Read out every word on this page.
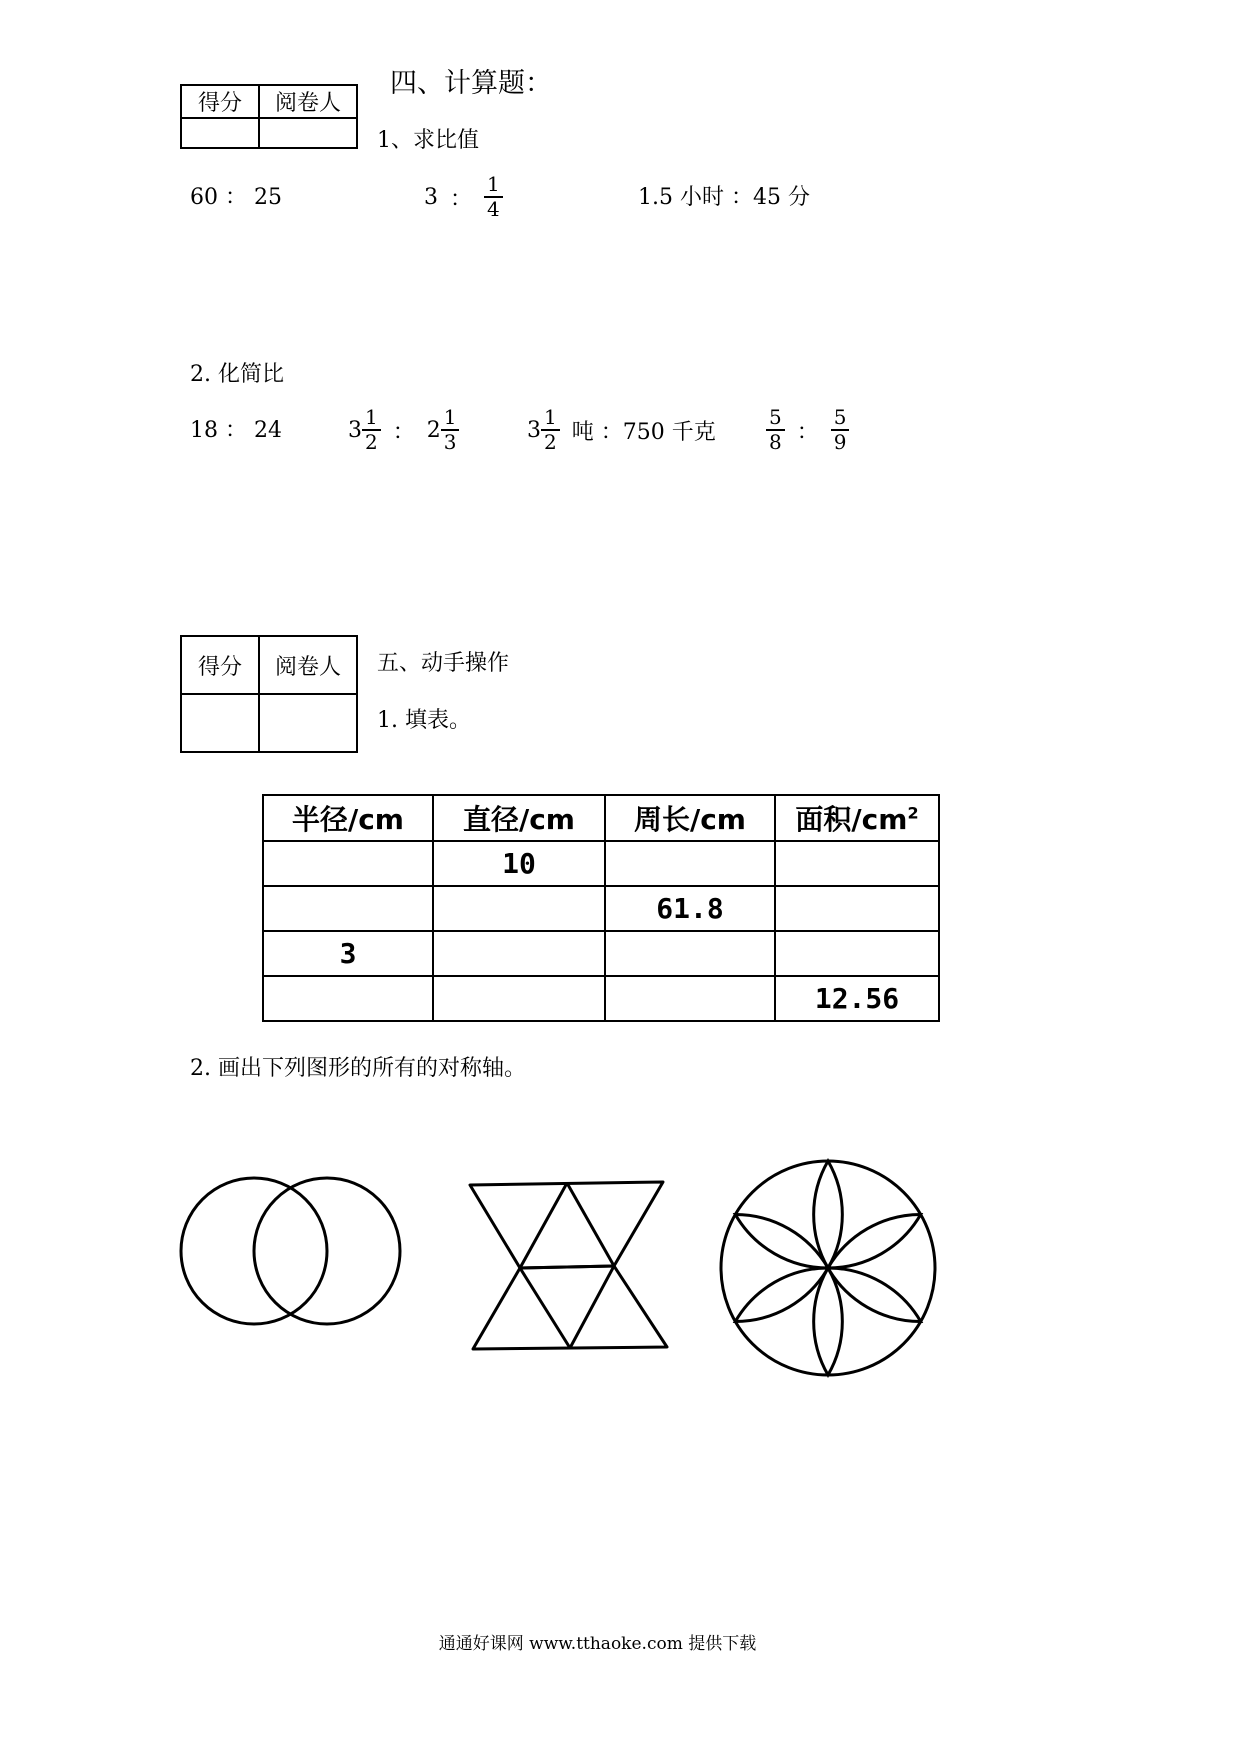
得分	阅卷人

四、计算题：
1、求比值
60 ： 25	3 ： $\frac{1}{4}$	1.5 小时 ：45 分
2. 化简比
18 ： 24	$3 \frac{1}{2}$ ： $2 \frac{1}{3}$	$3 \frac{1}{2}$ 吨 ：750 千克	$\frac{5}{8}$ ： $\frac{5}{9}$
得分	阅卷人
	五、动手操作
1. 填表。
半径/cm	直径/cm	周长/cm	面积$/cm^2$
	10		
		61.8	
3			
			12.56
2. 画出下列图形的所有的对称轴。
通通好课网 www.tthaoke.com 提供下载
